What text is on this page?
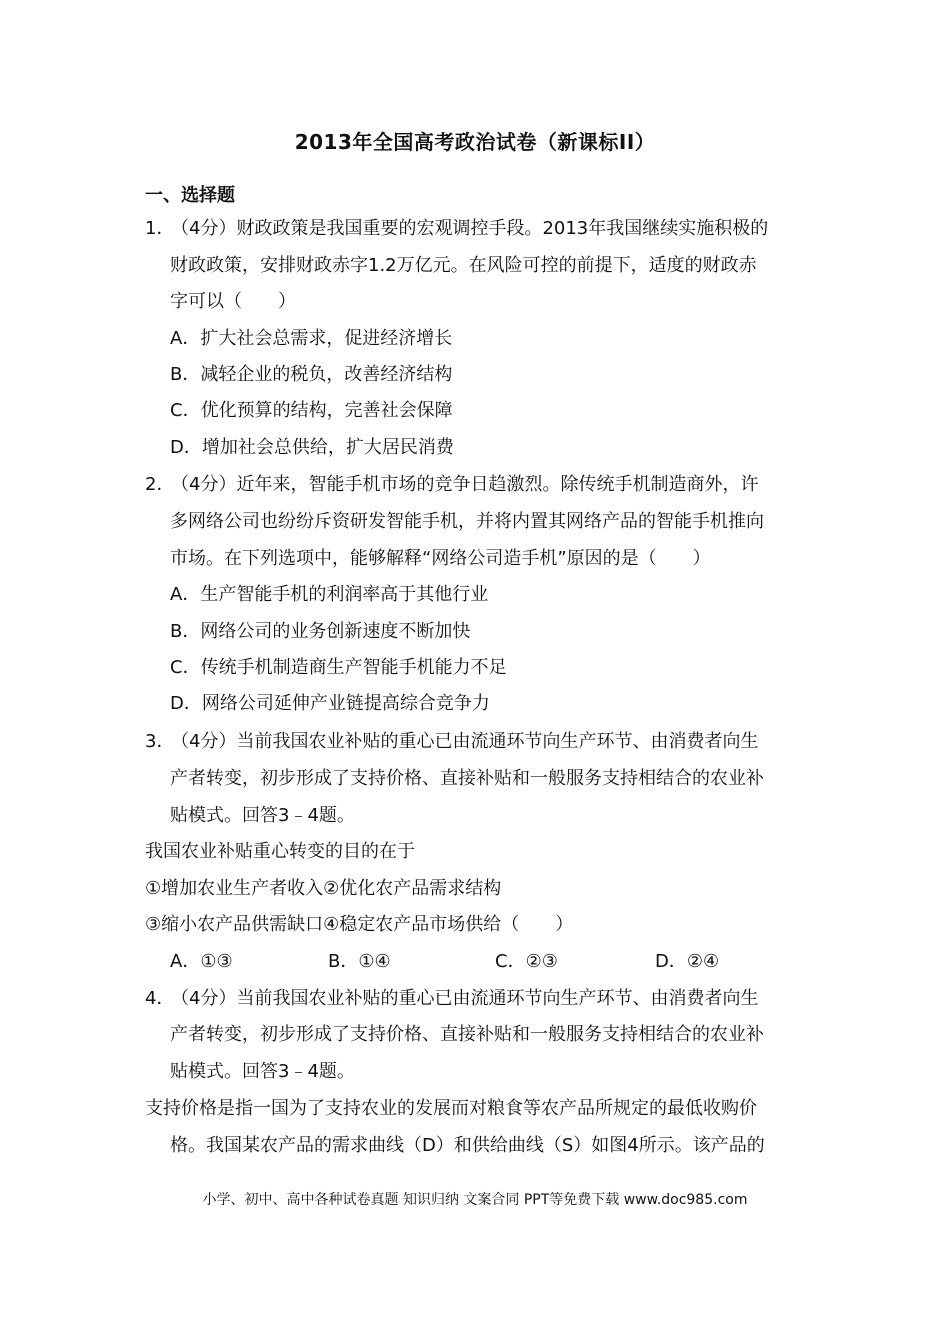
2013年全国高考政治试卷（新课标II）
一、选择题
1．（4分）财政政策是我国重要的宏观调控手段。2013年我国继续实施积极的
财政政策，安排财政赤字1.2万亿元。在风险可控的前提下，适度的财政赤
字可以（　　）
A．扩大社会总需求，促进经济增长
B．减轻企业的税负，改善经济结构
C．优化预算的结构，完善社会保障
D．增加社会总供给，扩大居民消费
2．（4分）近年来，智能手机市场的竞争日趋激烈。除传统手机制造商外，许
多网络公司也纷纷斥资研发智能手机，并将内置其网络产品的智能手机推向
市场。在下列选项中，能够解释“网络公司造手机”原因的是（　　）
A．生产智能手机的利润率高于其他行业
B．网络公司的业务创新速度不断加快
C．传统手机制造商生产智能手机能力不足
D．网络公司延伸产业链提高综合竞争力
3．（4分）当前我国农业补贴的重心已由流通环节向生产环节、由消费者向生
产者转变，初步形成了支持价格、直接补贴和一般服务支持相结合的农业补
贴模式。回答3﹣4题。
我国农业补贴重心转变的目的在于
①增加农业生产者收入②优化农产品需求结构
③缩小农产品供需缺口④稳定农产品市场供给（　　）
A．①③	B．①④	C．②③	D．②④
4．（4分）当前我国农业补贴的重心已由流通环节向生产环节、由消费者向生
产者转变，初步形成了支持价格、直接补贴和一般服务支持相结合的农业补
贴模式。回答3﹣4题。
支持价格是指一国为了支持农业的发展而对粮食等农产品所规定的最低收购价
格。我国某农产品的需求曲线（D）和供给曲线（S）如图4所示。该产品的
小学、初中、高中各种试卷真题 知识归纳 文案合同 PPT等免费下载 www.doc985.com
